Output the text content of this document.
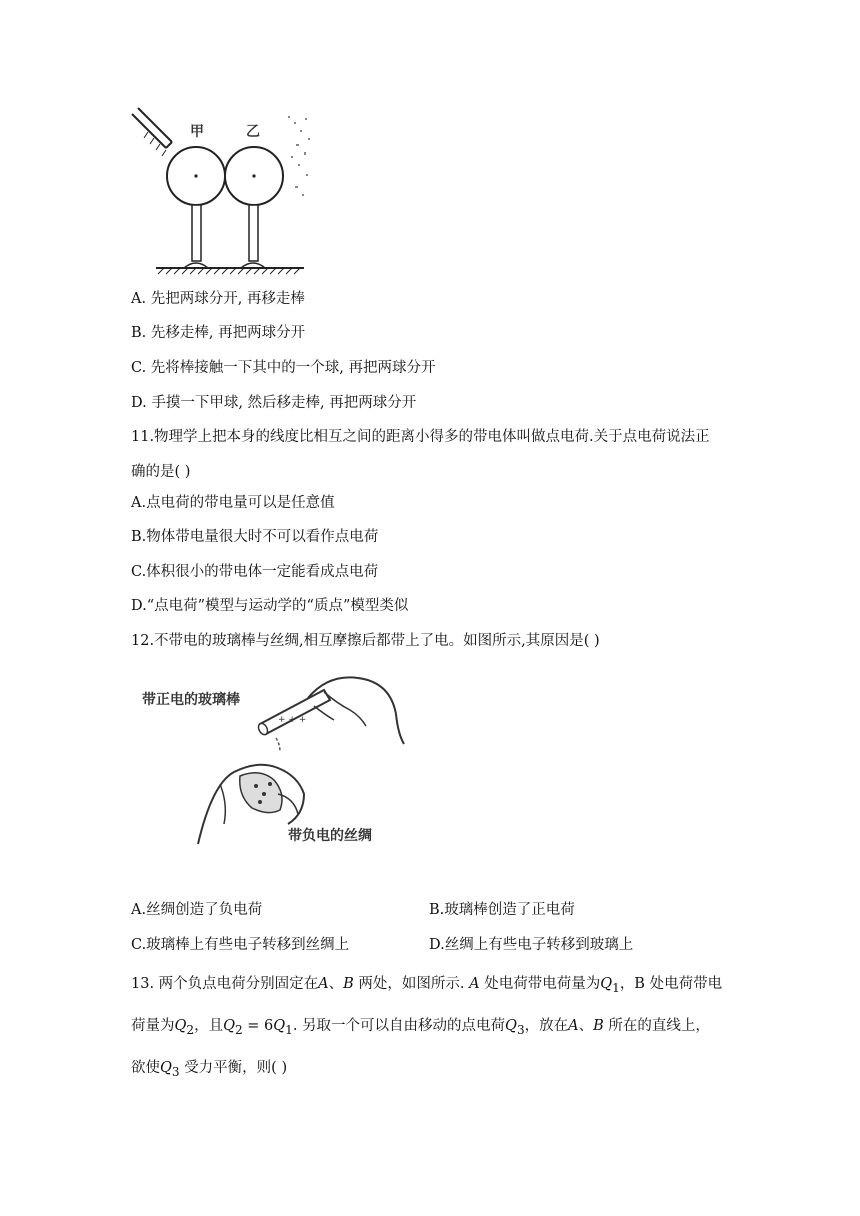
甲	乙
A. 先把两球分开, 再移走棒
B. 先移走棒, 再把两球分开
C. 先将棒接触一下其中的一个球, 再把两球分开
D. 手摸一下甲球, 然后移走棒, 再把两球分开
11.物理学上把本身的线度比相互之间的距离小得多的带电体叫做点电荷.关于点电荷说法正
确的是( )
A.点电荷的带电量可以是任意值
B.物体带电量很大时不可以看作点电荷
C.体积很小的带电体一定能看成点电荷
D.“点电荷”模型与运动学的“质点”模型类似
12.不带电的玻璃棒与丝绸,相互摩擦后都带上了电。如图所示,其原因是( )
带正电的玻璃棒
+ + +
带负电的丝绸
A.丝绸创造了负电荷	B.玻璃棒创造了正电荷
C.玻璃棒上有些电子转移到丝绸上	D.丝绸上有些电子转移到玻璃上
13. 两个负点电荷分别固定在A、B 两处，如图所示. A 处电荷带电荷量为$Q_1$，B 处电荷带电
荷量为$Q_2$，且$Q_2 = 6Q_1$. 另取一个可以自由移动的点电荷$Q_3$，放在A、B 所在的直线上，
欲使$Q_3$ 受力平衡，则( )
